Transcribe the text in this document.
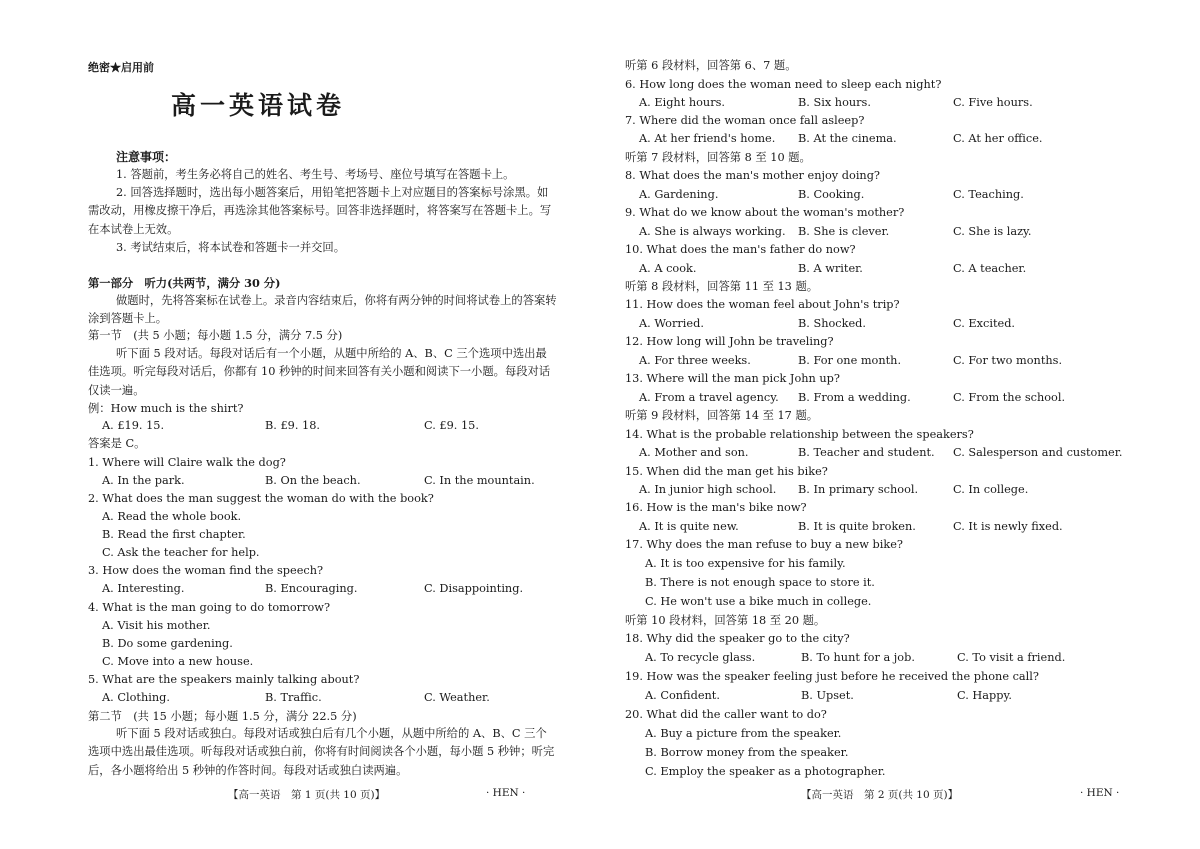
绝密★启用前
高一英语试卷
注意事项：
1. 答题前，考生务必将自己的姓名、考生号、考场号、座位号填写在答题卡上。
2. 回答选择题时，选出每小题答案后，用铅笔把答题卡上对应题目的答案标号涂黑。如需改动，用橡皮擦干净后，再选涂其他答案标号。回答非选择题时，将答案写在答题卡上。写在本试卷上无效。
3. 考试结束后，将本试卷和答题卡一并交回。
第一部分　听力(共两节，满分 30 分)
做题时，先将答案标在试卷上。录音内容结束后，你将有两分钟的时间将试卷上的答案转涂到答题卡上。
第一节　(共 5 小题；每小题 1.5 分，满分 7.5 分)
听下面 5 段对话。每段对话后有一个小题，从题中所给的 A、B、C 三个选项中选出最佳选项。听完每段对话后，你都有 10 秒钟的时间来回答有关小题和阅读下一小题。每段对话仅读一遍。
例：How much is the shirt?
A. £19. 15.	B. £9. 18.	C. £9. 15.
答案是 C。
1. Where will Claire walk the dog?
A. In the park.	B. On the beach.	C. In the mountain.
2. What does the man suggest the woman do with the book?
A. Read the whole book.
B. Read the first chapter.
C. Ask the teacher for help.
3. How does the woman find the speech?
A. Interesting.	B. Encouraging.	C. Disappointing.
4. What is the man going to do tomorrow?
A. Visit his mother.
B. Do some gardening.
C. Move into a new house.
5. What are the speakers mainly talking about?
A. Clothing.	B. Traffic.	C. Weather.
第二节　(共 15 小题；每小题 1.5 分，满分 22.5 分)
听下面 5 段对话或独白。每段对话或独白后有几个小题，从题中所给的 A、B、C 三个选项中选出最佳选项。听每段对话或独白前，你将有时间阅读各个小题，每小题 5 秒钟；听完后，各小题将给出 5 秒钟的作答时间。每段对话或独白读两遍。
【高一英语　第 1 页(共 10 页)】	· HEN ·
听第 6 段材料，回答第 6、7 题。
6. How long does the woman need to sleep each night?
A. Eight hours.	B. Six hours.	C. Five hours.
7. Where did the woman once fall asleep?
A. At her friend's home. B. At the cinema.	C. At her office.
听第 7 段材料，回答第 8 至 10 题。
8. What does the man's mother enjoy doing?
A. Gardening.	B. Cooking.	C. Teaching.
9. What do we know about the woman's mother?
A. She is always working. B. She is clever.	C. She is lazy.
10. What does the man's father do now?
A. A cook.	B. A writer.	C. A teacher.
听第 8 段材料，回答第 11 至 13 题。
11. How does the woman feel about John's trip?
A. Worried.	B. Shocked.	C. Excited.
12. How long will John be traveling?
A. For three weeks.	B. For one month.	C. For two months.
13. Where will the man pick John up?
A. From a travel agency. B. From a wedding.	C. From the school.
听第 9 段材料，回答第 14 至 17 题。
14. What is the probable relationship between the speakers?
A. Mother and son.	B. Teacher and student. C. Salesperson and customer.
15. When did the man get his bike?
A. In junior high school. B. In primary school.	C. In college.
16. How is the man's bike now?
A. It is quite new.	B. It is quite broken.	C. It is newly fixed.
17. Why does the man refuse to buy a new bike?
A. It is too expensive for his family.
B. There is not enough space to store it.
C. He won't use a bike much in college.
听第 10 段材料，回答第 18 至 20 题。
18. Why did the speaker go to the city?
A. To recycle glass.	B. To hunt for a job.	C. To visit a friend.
19. How was the speaker feeling just before he received the phone call?
A. Confident.	B. Upset.	C. Happy.
20. What did the caller want to do?
A. Buy a picture from the speaker.
B. Borrow money from the speaker.
C. Employ the speaker as a photographer.
【高一英语　第 2 页(共 10 页)】	· HEN ·
